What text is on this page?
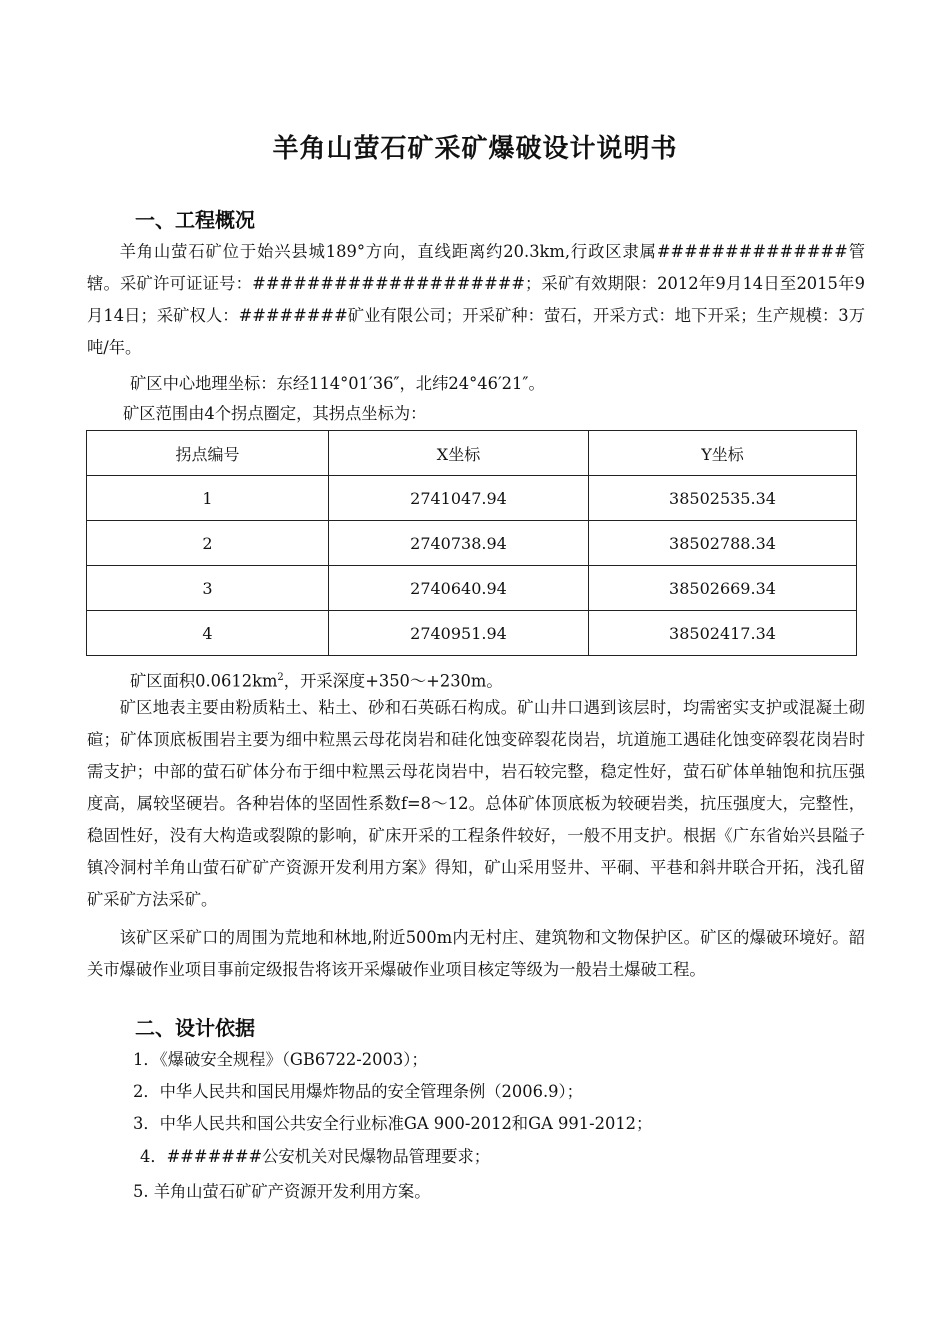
羊角山萤石矿采矿爆破设计说明书
一、工程概况
羊角山萤石矿位于始兴县城189°方向，直线距离约20.3km,行政区隶属##############管辖。采矿许可证证号：####################；采矿有效期限：2012年9月14日至2015年9月14日；采矿权人：########矿业有限公司；开采矿种：萤石，开采方式：地下开采；生产规模：3万吨/年。
矿区中心地理坐标：东经114°01′36″，北纬24°46′21″。
矿区范围由4个拐点圈定，其拐点坐标为：
拐点编号	X坐标	Y坐标
1	2741047.94	38502535.34
2	2740738.94	38502788.34
3	2740640.94	38502669.34
4	2740951.94	38502417.34
矿区面积$0.0612km^2$，开采深度+350～+230m。
矿区地表主要由粉质粘土、粘土、砂和石英砾石构成。矿山井口遇到该层时，均需密实支护或混凝土砌碹；矿体顶底板围岩主要为细中粒黑云母花岗岩和硅化蚀变碎裂花岗岩，坑道施工遇硅化蚀变碎裂花岗岩时需支护；中部的萤石矿体分布于细中粒黑云母花岗岩中，岩石较完整，稳定性好，萤石矿体单轴饱和抗压强度高，属较坚硬岩。各种岩体的坚固性系数f=8～12。总体矿体顶底板为较硬岩类，抗压强度大，完整性，稳固性好，没有大构造或裂隙的影响，矿床开采的工程条件较好，一般不用支护。根据《广东省始兴县隘子镇冷洞村羊角山萤石矿矿产资源开发利用方案》得知，矿山采用竖井、平硐、平巷和斜井联合开拓，浅孔留矿采矿方法采矿。
该矿区采矿口的周围为荒地和林地,附近500m内无村庄、建筑物和文物保护区。矿区的爆破环境好。韶关市爆破作业项目事前定级报告将该开采爆破作业项目核定等级为一般岩土爆破工程。
二、设计依据
1．《爆破安全规程》（GB6722-2003）；
2．中华人民共和国民用爆炸物品的安全管理条例（2006.9）；
3．中华人民共和国公共安全行业标准GA 900-2012和GA 991-2012；
4．#######公安机关对民爆物品管理要求；
5. 羊角山萤石矿矿产资源开发利用方案。
